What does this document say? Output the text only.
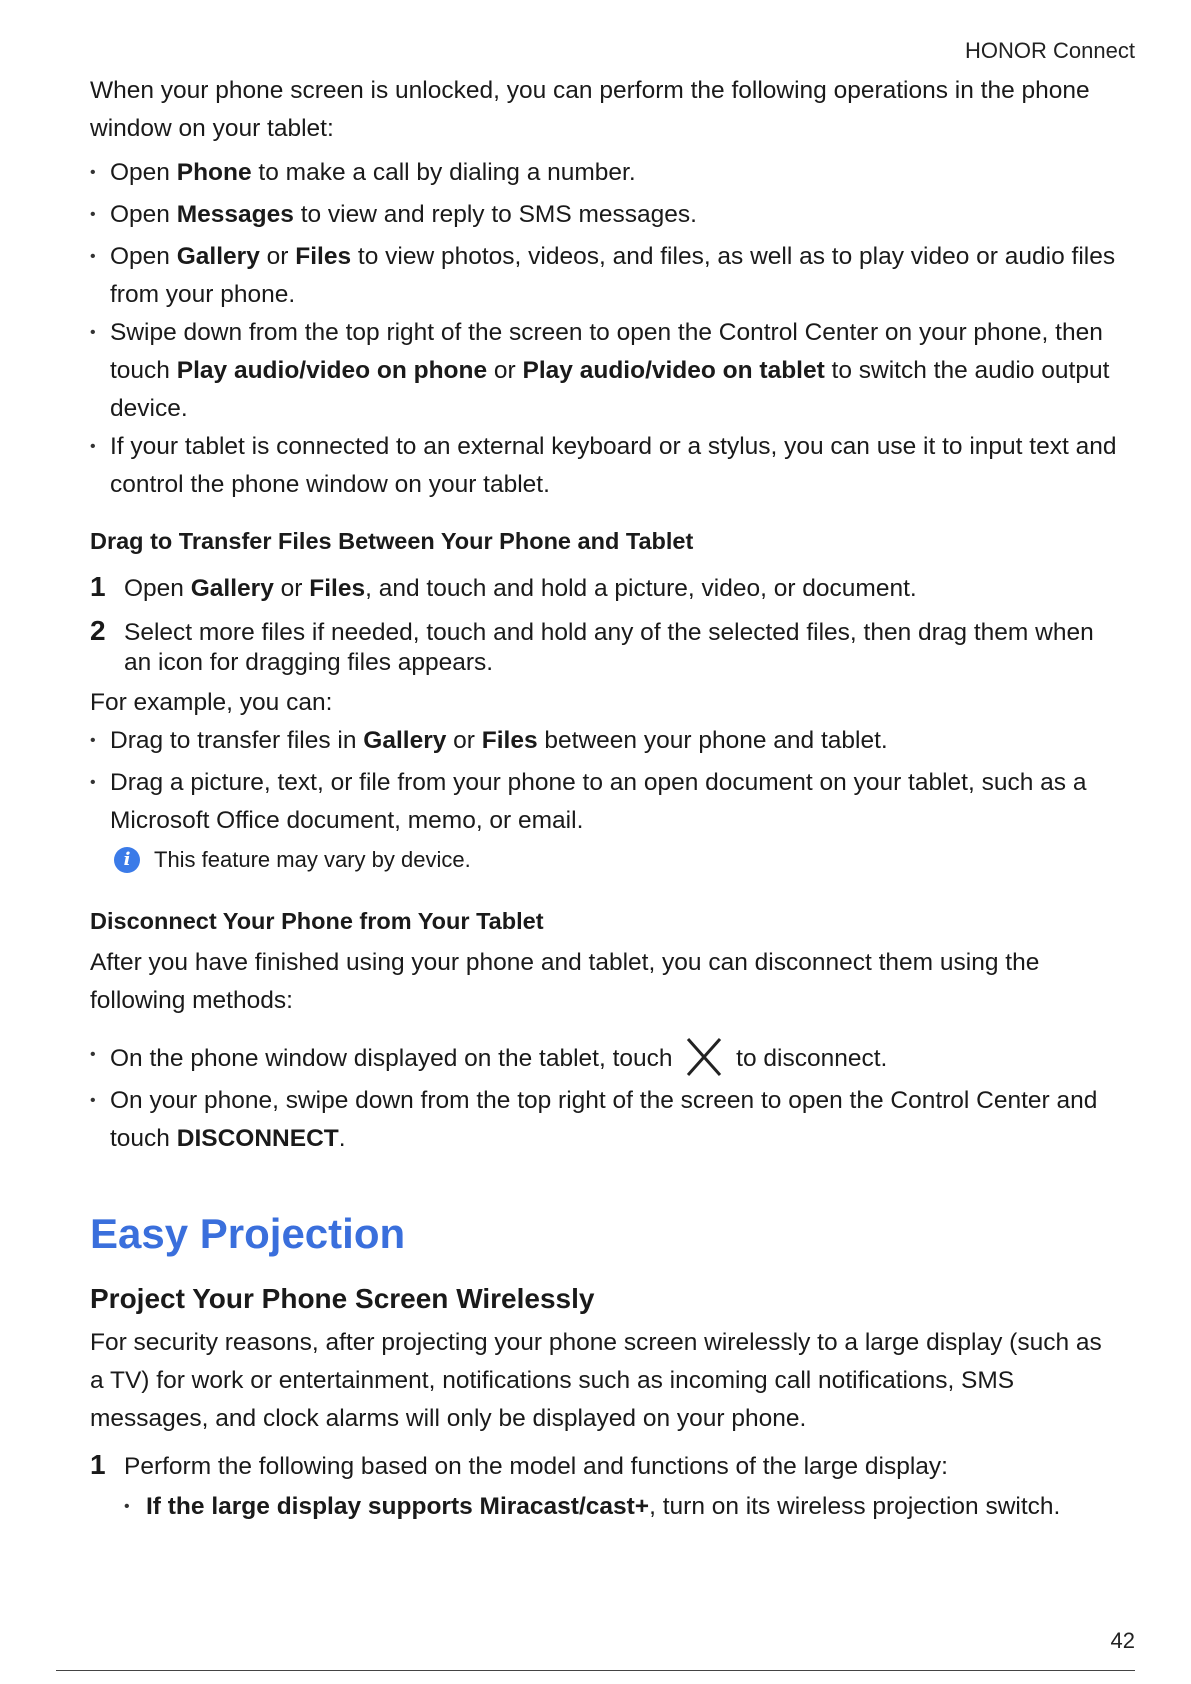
HONOR Connect

When your phone screen is unlocked, you can perform the following operations in the phone window on your tablet:

• Open Phone to make a call by dialing a number.
• Open Messages to view and reply to SMS messages.
• Open Gallery or Files to view photos, videos, and files, as well as to play video or audio files from your phone.
• Swipe down from the top right of the screen to open the Control Center on your phone, then touch Play audio/video on phone or Play audio/video on tablet to switch the audio output device.
• If your tablet is connected to an external keyboard or a stylus, you can use it to input text and control the phone window on your tablet.
Drag to Transfer Files Between Your Phone and Tablet
1 Open Gallery or Files, and touch and hold a picture, video, or document.
2 Select more files if needed, touch and hold any of the selected files, then drag them when an icon for dragging files appears.

For example, you can:

• Drag to transfer files in Gallery or Files between your phone and tablet.
• Drag a picture, text, or file from your phone to an open document on your tablet, such as a Microsoft Office document, memo, or email.
i	This feature may vary by device.
Disconnect Your Phone from Your Tablet

After you have finished using your phone and tablet, you can disconnect them using the following methods:

• On the phone window displayed on the tablet, touch	to disconnect.
• On your phone, swipe down from the top right of the screen to open the Control Center and touch DISCONNECT.
Easy Projection
Project Your Phone Screen Wirelessly

For security reasons, after projecting your phone screen wirelessly to a large display (such as a TV) for work or entertainment, notifications such as incoming call notifications, SMS messages, and clock alarms will only be displayed on your phone.

1 Perform the following based on the model and functions of the large display:
• If the large display supports Miracast/cast+, turn on its wireless projection switch.
42
